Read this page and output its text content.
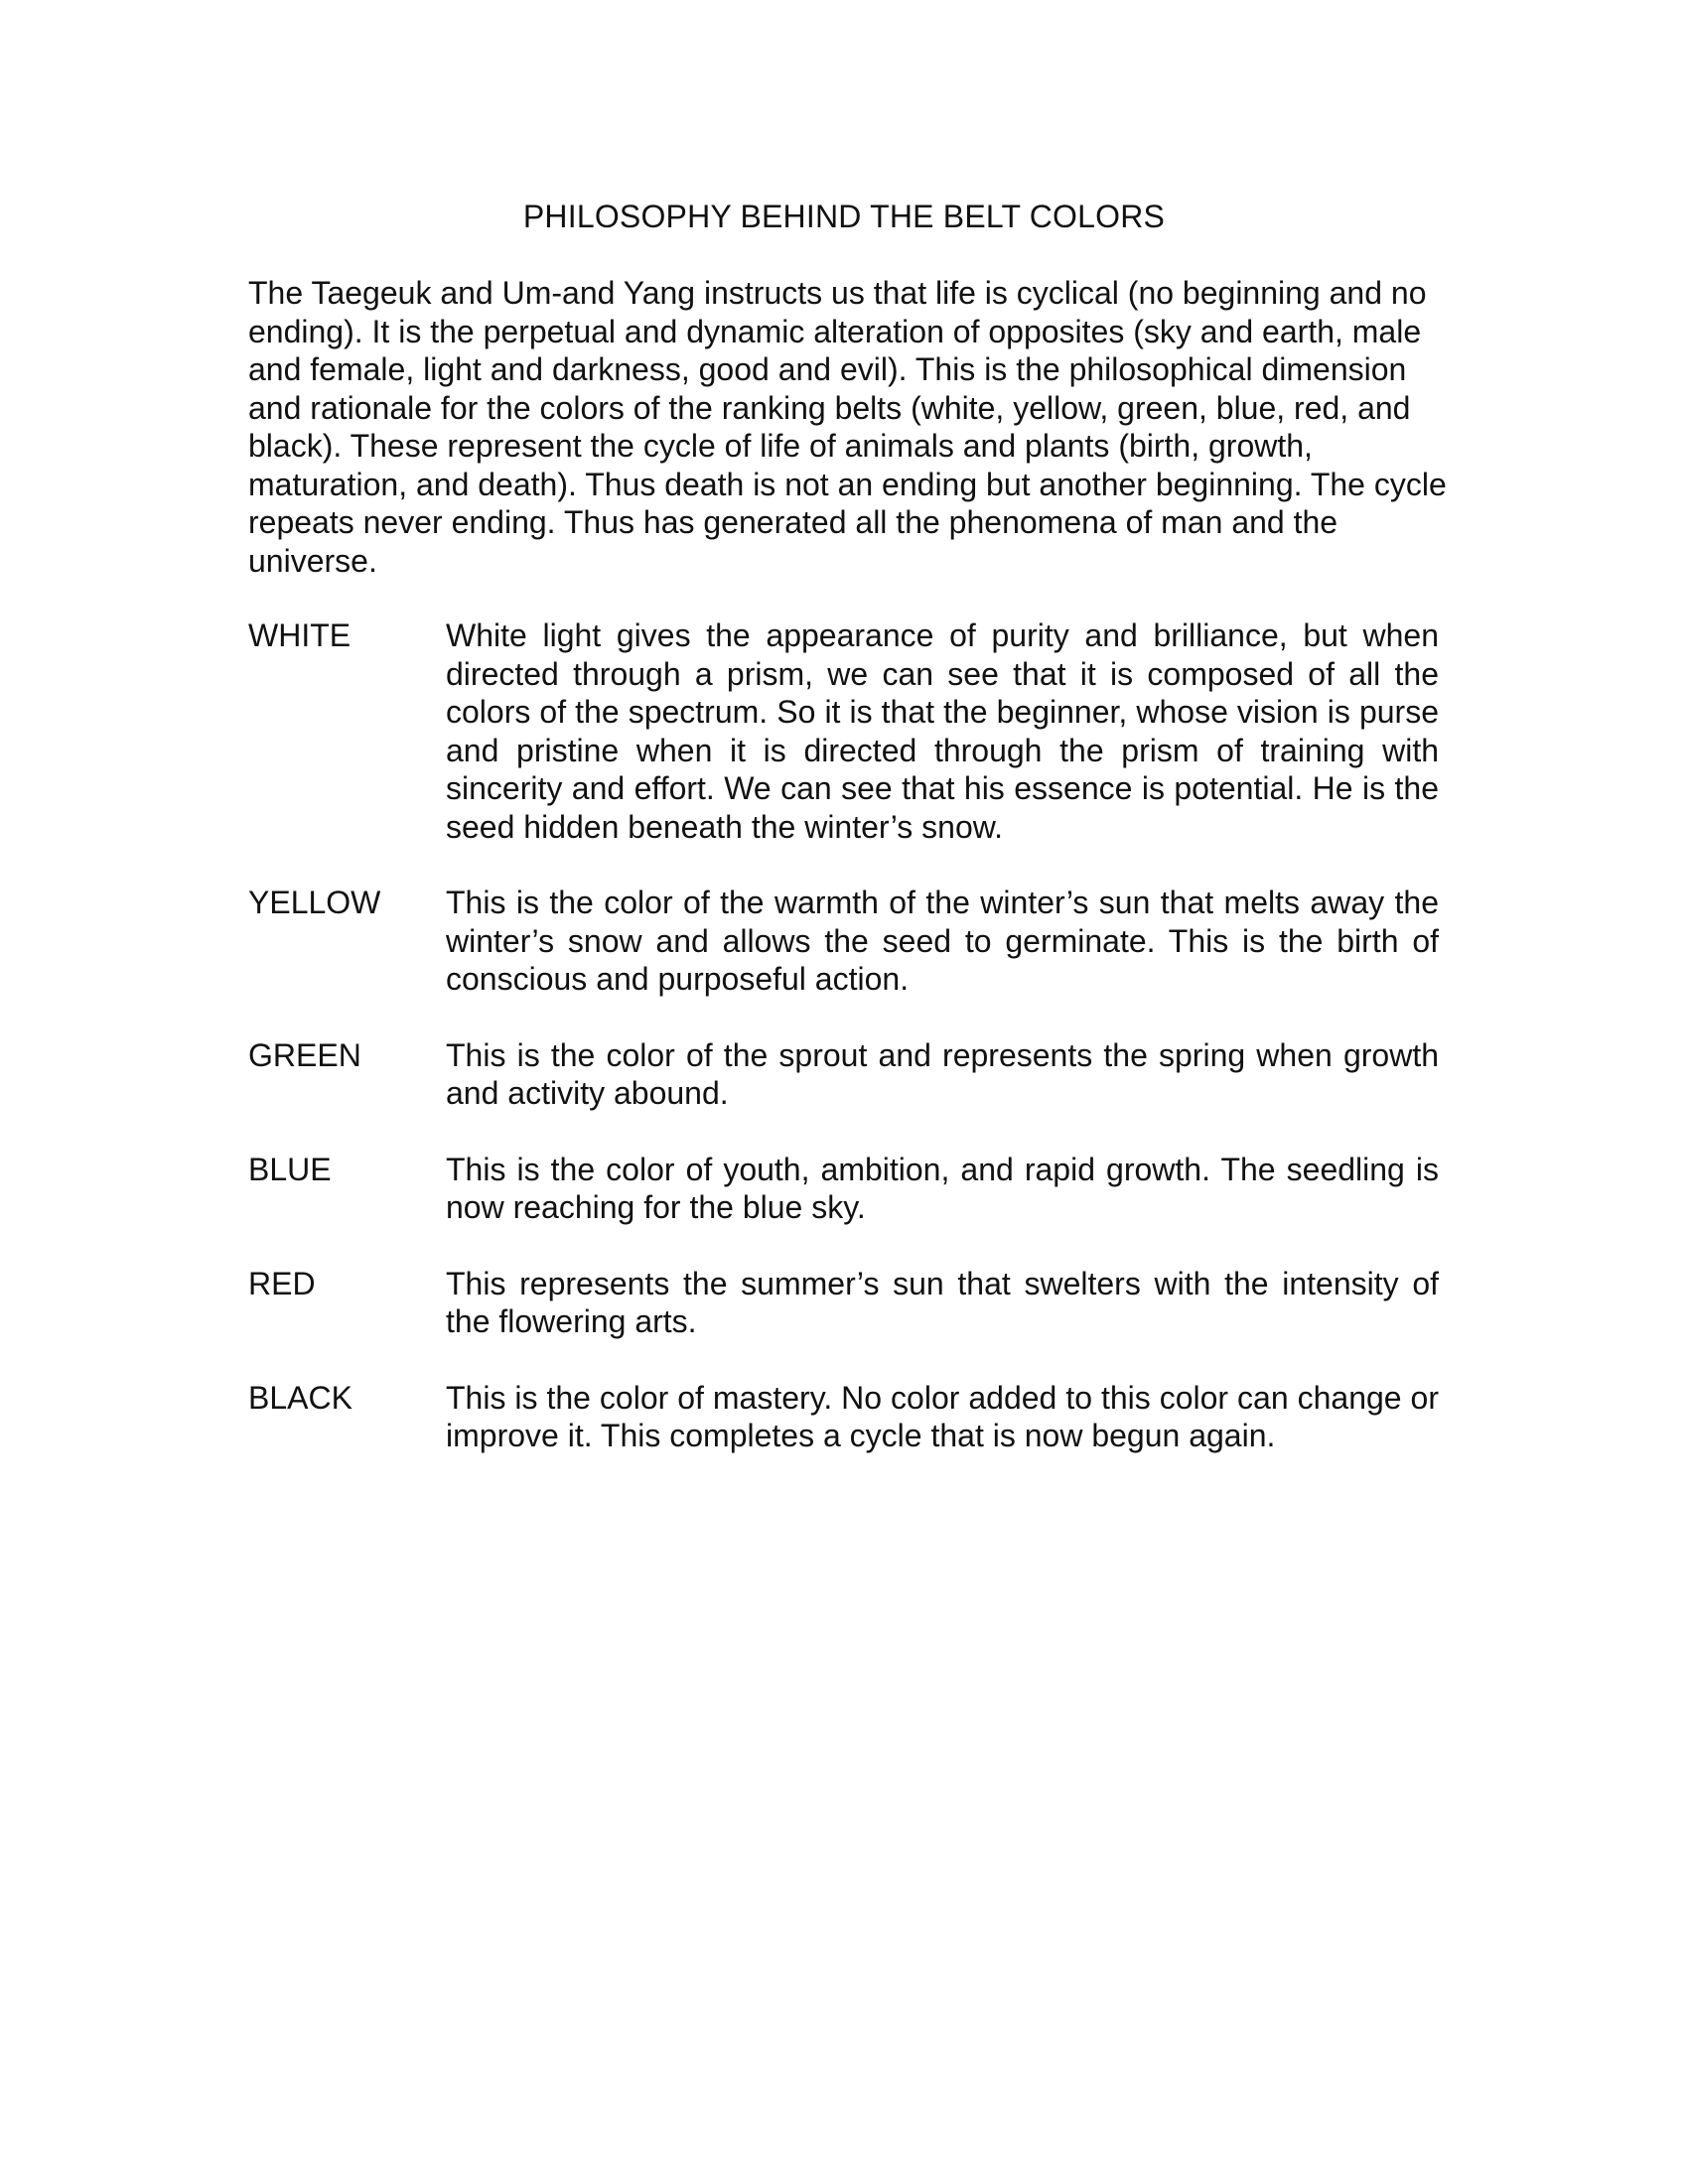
PHILOSOPHY BEHIND THE BELT COLORS

The Taegeuk and Um-and Yang instructs us that life is cyclical (no beginning and no ending). It is the perpetual and dynamic alteration of opposites (sky and earth, male and female, light and darkness, good and evil). This is the philosophical dimension and rationale for the colors of the ranking belts (white, yellow, green, blue, red, and black). These represent the cycle of life of animals and plants (birth, growth, maturation, and death). Thus death is not an ending but another beginning. The cycle repeats never ending. Thus has generated all the phenomena of man and the universe.

WHITE	White light gives the appearance of purity and brilliance, but when directed through a prism, we can see that it is composed of all the colors of the spectrum. So it is that the beginner, whose vision is purse and pristine when it is directed through the prism of training with sincerity and effort. We can see that his essence is potential. He is the seed hidden beneath the winter’s snow.

YELLOW	This is the color of the warmth of the winter’s sun that melts away the winter’s snow and allows the seed to germinate. This is the birth of conscious and purposeful action.

GREEN	This is the color of the sprout and represents the spring when growth and activity abound.

BLUE	This is the color of youth, ambition, and rapid growth. The seedling is now reaching for the blue sky.

RED	This represents the summer’s sun that swelters with the intensity of the flowering arts.

BLACK	This is the color of mastery. No color added to this color can change or improve it. This completes a cycle that is now begun again.
